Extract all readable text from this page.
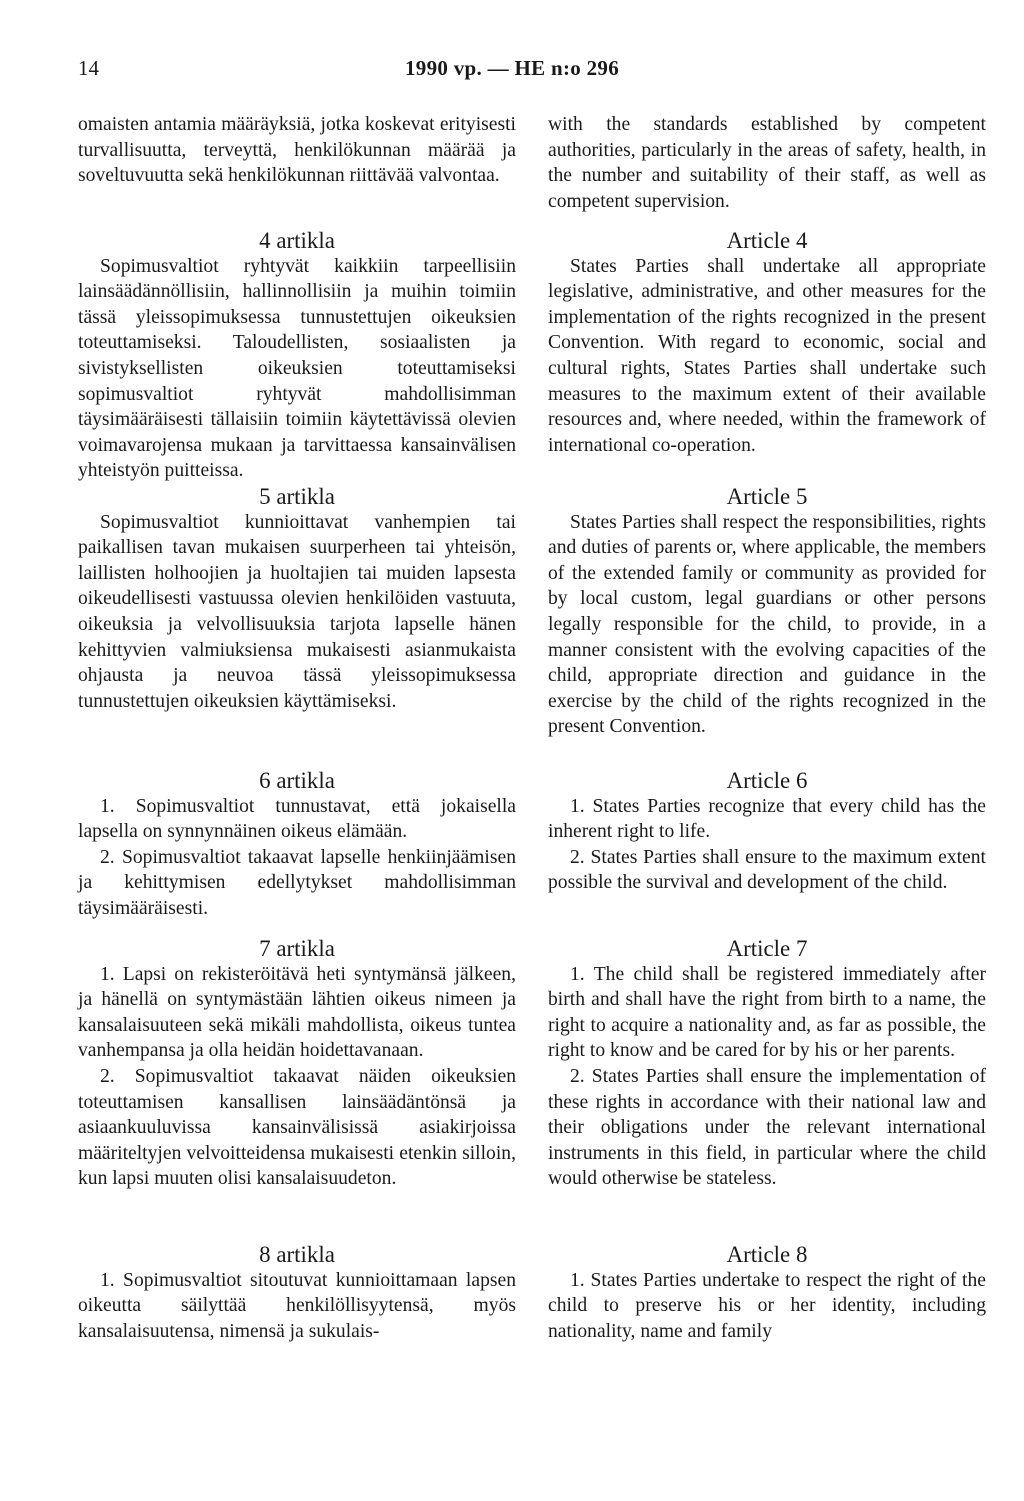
14	1990 vp. — HE n:o 296

omaisten antamia määräyksiä, jotka koskevat erityisesti turvallisuutta, terveyttä, henkilökunnan määrää ja soveltuvuutta sekä henkilökunnan riittävää valvontaa.

4 artikla

Sopimusvaltiot ryhtyvät kaikkiin tarpeellisiin lainsäädännöllisiin, hallinnollisiin ja muihin toimiin tässä yleissopimuksessa tunnustettujen oikeuksien toteuttamiseksi. Taloudellisten, sosiaalisten ja sivistyksellisten oikeuksien toteuttamiseksi sopimusvaltiot ryhtyvät mahdollisimman täysimääräisesti tällaisiin toimiin käytettävissä olevien voimavarojensa mukaan ja tarvittaessa kansainvälisen yhteistyön puitteissa.

5 artikla

Sopimusvaltiot kunnioittavat vanhempien tai paikallisen tavan mukaisen suurperheen tai yhteisön, laillisten holhoojien ja huoltajien tai muiden lapsesta oikeudellisesti vastuussa olevien henkilöiden vastuuta, oikeuksia ja velvollisuuksia tarjota lapselle hänen kehittyvien valmiuksiensa mukaisesti asianmukaista ohjausta ja neuvoa tässä yleissopimuksessa tunnustettujen oikeuksien käyttämiseksi.

6 artikla

1. Sopimusvaltiot tunnustavat, että jokaisella lapsella on synnynnäinen oikeus elämään.

2. Sopimusvaltiot takaavat lapselle henkiinjäämisen ja kehittymisen edellytykset mahdollisimman täysimääräisesti.

7 artikla

1. Lapsi on rekisteröitävä heti syntymänsä jälkeen, ja hänellä on syntymästään lähtien oikeus nimeen ja kansalaisuuteen sekä mikäli mahdollista, oikeus tuntea vanhempansa ja olla heidän hoidettavanaan.

2. Sopimusvaltiot takaavat näiden oikeuksien toteuttamisen kansallisen lainsäädäntönsä ja asiaankuuluvissa kansainvälisissä asiakirjoissa määriteltyjen velvoitteidensa mukaisesti etenkin silloin, kun lapsi muuten olisi kansalaisuudeton.

8 artikla

1. Sopimusvaltiot sitoutuvat kunnioittamaan lapsen oikeutta säilyttää henkilöllisyytensä, myös kansalaisuutensa, nimensä ja sukulais-

with the standards established by competent authorities, particularly in the areas of safety, health, in the number and suitability of their staff, as well as competent supervision.

Article 4

States Parties shall undertake all appropriate legislative, administrative, and other measures for the implementation of the rights recognized in the present Convention. With regard to economic, social and cultural rights, States Parties shall undertake such measures to the maximum extent of their available resources and, where needed, within the framework of international co-operation.

Article 5

States Parties shall respect the responsibilities, rights and duties of parents or, where applicable, the members of the extended family or community as provided for by local custom, legal guardians or other persons legally responsible for the child, to provide, in a manner consistent with the evolving capacities of the child, appropriate direction and guidance in the exercise by the child of the rights recognized in the present Convention.

Article 6

1. States Parties recognize that every child has the inherent right to life.

2. States Parties shall ensure to the maximum extent possible the survival and development of the child.

Article 7

1. The child shall be registered immediately after birth and shall have the right from birth to a name, the right to acquire a nationality and, as far as possible, the right to know and be cared for by his or her parents.

2. States Parties shall ensure the implementation of these rights in accordance with their national law and their obligations under the relevant international instruments in this field, in particular where the child would otherwise be stateless.

Article 8

1. States Parties undertake to respect the right of the child to preserve his or her identity, including nationality, name and family
